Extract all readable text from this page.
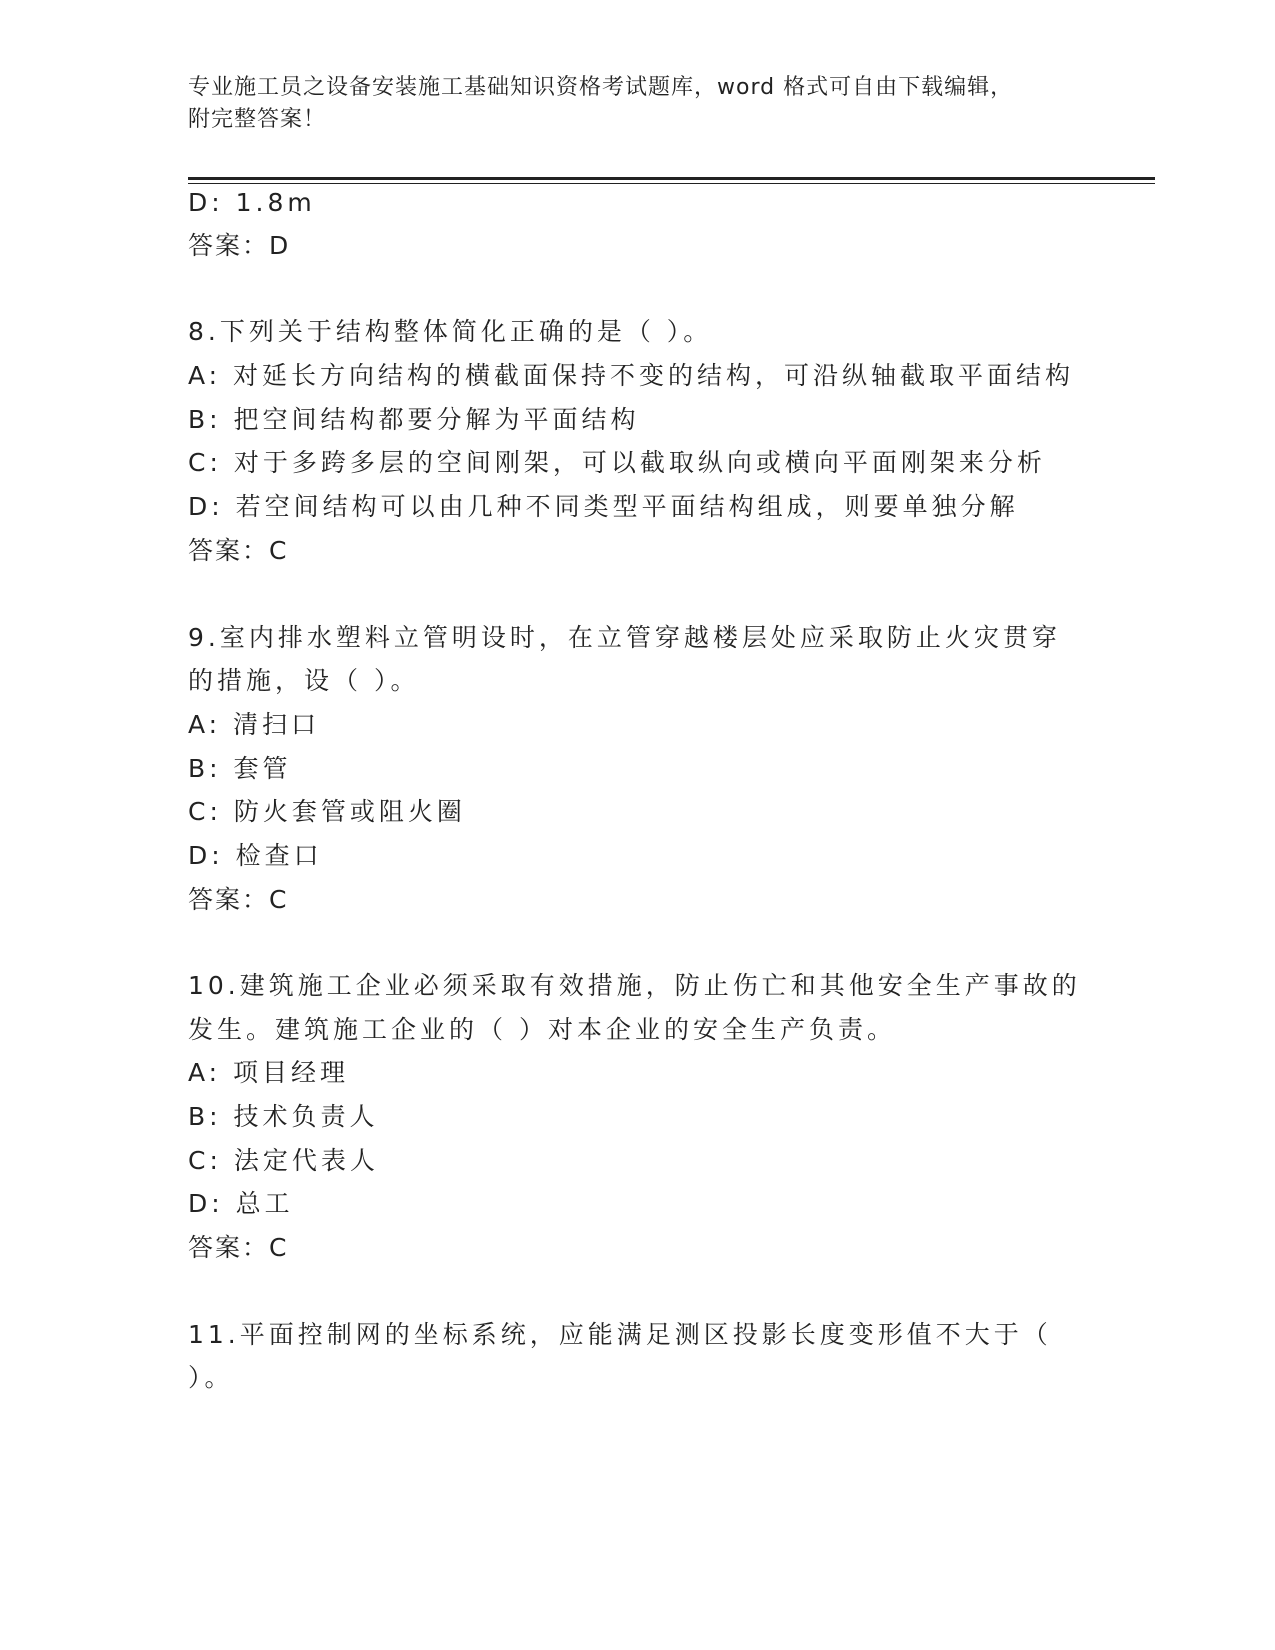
专业施工员之设备安装施工基础知识资格考试题库，word 格式可自由下载编辑，
附完整答案！
D: 1.8m
答案：D
8.下列关于结构整体简化正确的是（ ）。
A: 对延长方向结构的横截面保持不变的结构，可沿纵轴截取平面结构
B: 把空间结构都要分解为平面结构
C: 对于多跨多层的空间刚架，可以截取纵向或横向平面刚架来分析
D: 若空间结构可以由几种不同类型平面结构组成，则要单独分解
答案：C
9.室内排水塑料立管明设时，在立管穿越楼层处应采取防止火灾贯穿
的措施，设（ ）。
A: 清扫口
B: 套管
C: 防火套管或阻火圈
D: 检查口
答案：C
10.建筑施工企业必须采取有效措施，防止伤亡和其他安全生产事故的
发生。建筑施工企业的（ ）对本企业的安全生产负责。
A: 项目经理
B: 技术负责人
C: 法定代表人
D: 总工
答案：C
11.平面控制网的坐标系统，应能满足测区投影长度变形值不大于（
）。
